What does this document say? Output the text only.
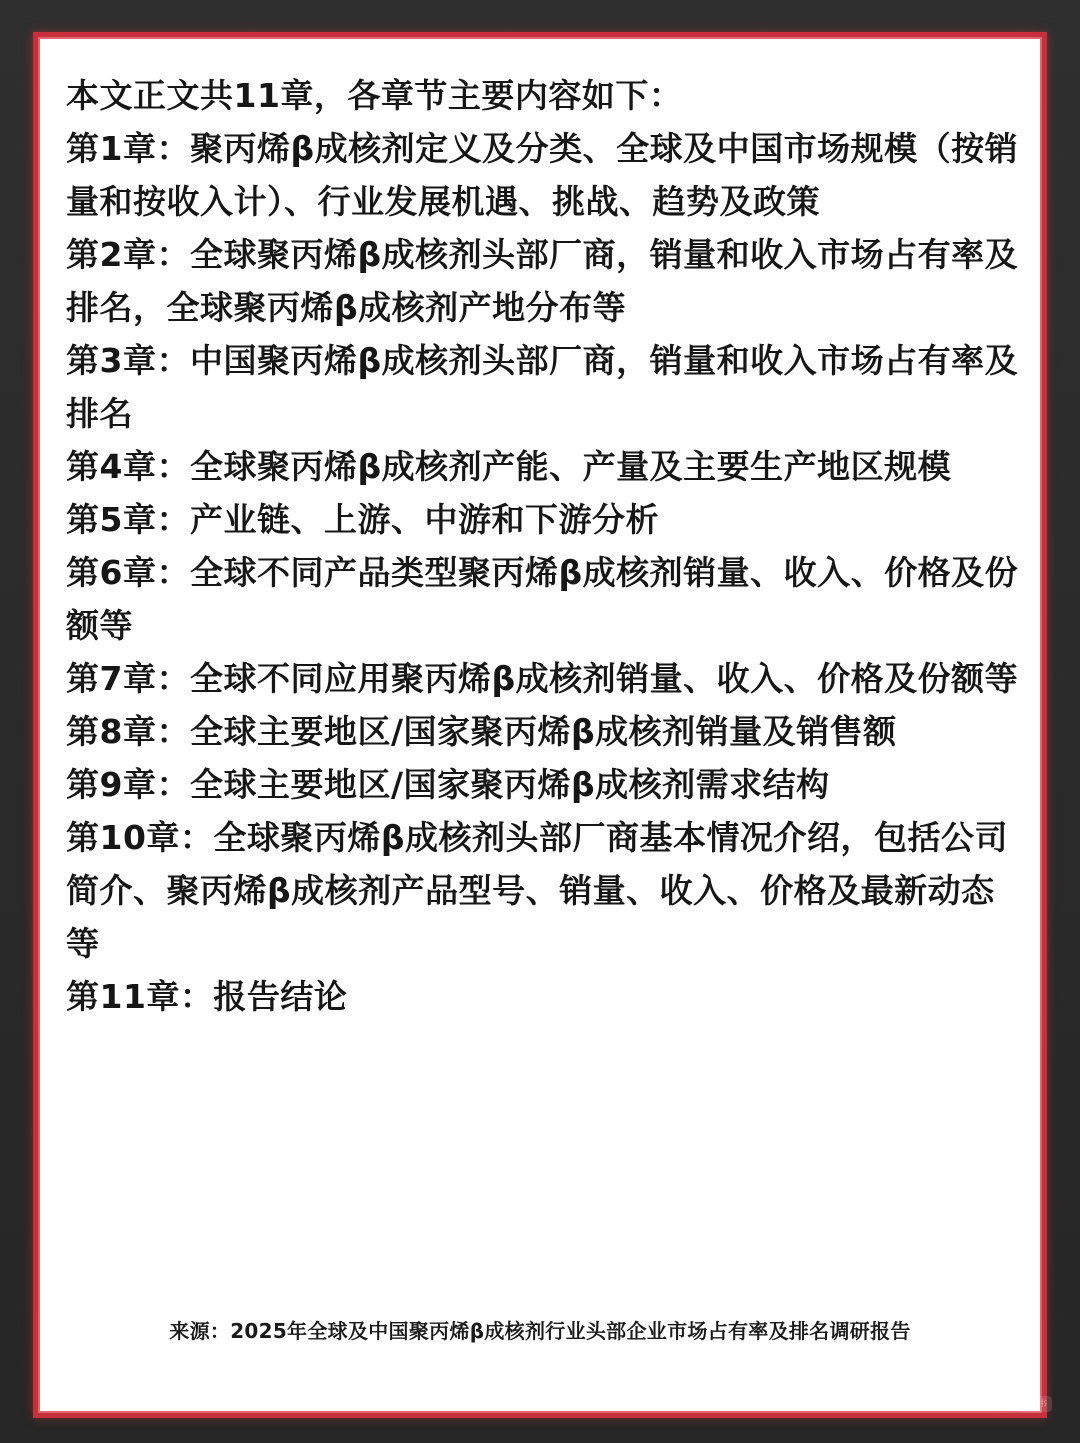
本文正文共11章，各章节主要内容如下：

第1章：聚丙烯β成核剂定义及分类、全球及中国市场规模（按销量和按收入计）、行业发展机遇、挑战、趋势及政策

第2章：全球聚丙烯β成核剂头部厂商，销量和收入市场占有率及排名，全球聚丙烯β成核剂产地分布等

第3章：中国聚丙烯β成核剂头部厂商，销量和收入市场占有率及排名

第4章：全球聚丙烯β成核剂产能、产量及主要生产地区规模

第5章：产业链、上游、中游和下游分析

第6章：全球不同产品类型聚丙烯β成核剂销量、收入、价格及份额等

第7章：全球不同应用聚丙烯β成核剂销量、收入、价格及份额等

第8章：全球主要地区/国家聚丙烯β成核剂销量及销售额

第9章：全球主要地区/国家聚丙烯β成核剂需求结构

第10章：全球聚丙烯β成核剂头部厂商基本情况介绍，包括公司简介、聚丙烯β成核剂产品型号、销量、收入、价格及最新动态等

第11章：报告结论

来源：2025年全球及中国聚丙烯β成核剂行业头部企业市场占有率及排名调研报告
小红书
